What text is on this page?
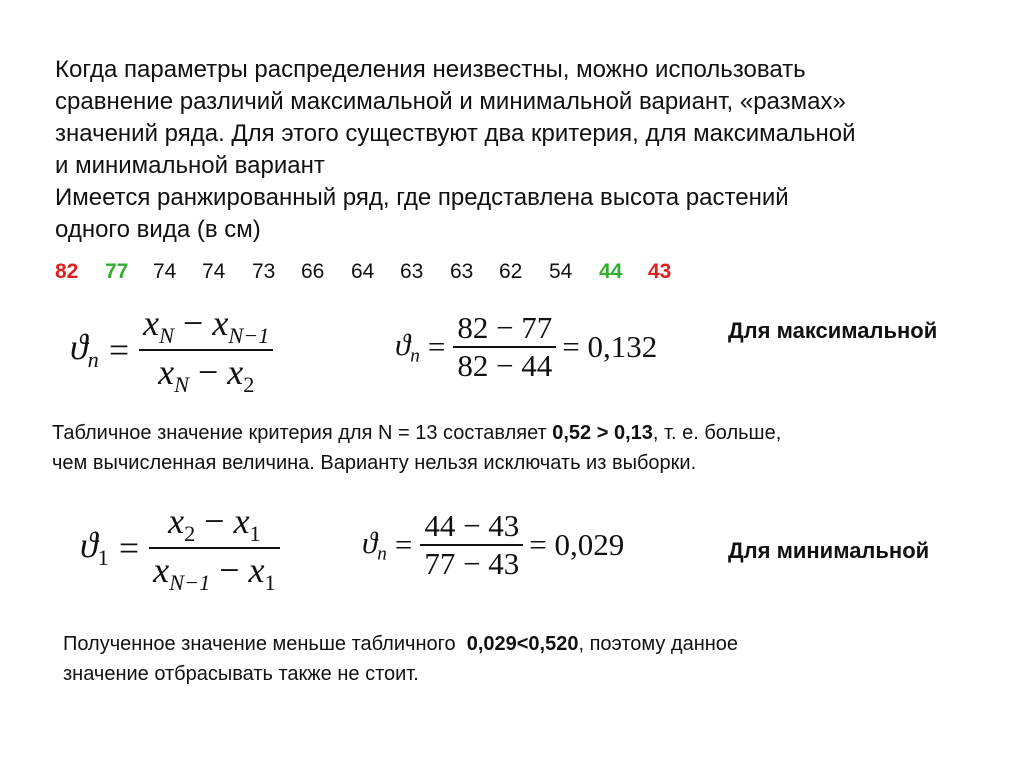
Когда параметры распределения неизвестны, можно использовать

сравнение различий максимальной и минимальной вариант, «размах»

значений ряда. Для этого существуют два критерия, для максимальной

и минимальной вариант

Имеется ранжированный ряд, где представлена высота растений

одного вида (в см)

82	77	74	74	73	66	64	63	63	62	54	44	43
$ϑ_n = \frac{x_N - x_{N-1}}{x_N - x_2}$	$ϑ_n = \frac{82 - 77}{82 - 44} = 0,132$	Для максимальной
Табличное значение критерия для N = 13 составляет 0,52 > 0,13, т. е. больше,
чем вычисленная величина. Варианту нельзя исключать из выборки.
$ϑ_1 = \frac{x_2 - x_1}{x_{N-1} - x_1}$	$ϑ_n = \frac{44 - 43}{77 - 43} = 0,029$	Для минимальной
Полученное значение меньше табличного  0,029<0,520, поэтому данное
значение отбрасывать также не стоит.
